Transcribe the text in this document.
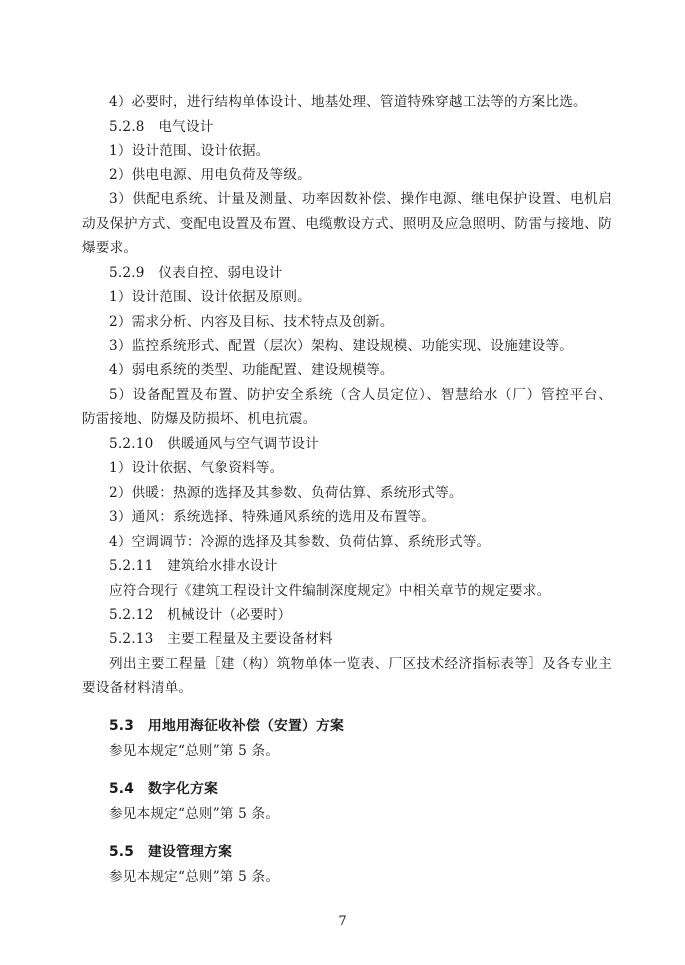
4）必要时，进行结构单体设计、地基处理、管道特殊穿越工法等的方案比选。
5.2.8　电气设计
1）设计范围、设计依据。
2）供电电源、用电负荷及等级。
3）供配电系统、计量及测量、功率因数补偿、操作电源、继电保护设置、电机启
动及保护方式、变配电设置及布置、电缆敷设方式、照明及应急照明、防雷与接地、防
爆要求。
5.2.9　仪表自控、弱电设计
1）设计范围、设计依据及原则。
2）需求分析、内容及目标、技术特点及创新。
3）监控系统形式、配置（层次）架构、建设规模、功能实现、设施建设等。
4）弱电系统的类型、功能配置、建设规模等。
5）设备配置及布置、防护安全系统（含人员定位）、智慧给水（厂）管控平台、
防雷接地、防爆及防损坏、机电抗震。
5.2.10　供暖通风与空气调节设计
1）设计依据、气象资料等。
2）供暖：热源的选择及其参数、负荷估算、系统形式等。
3）通风：系统选择、特殊通风系统的选用及布置等。
4）空调调节：冷源的选择及其参数、负荷估算、系统形式等。
5.2.11　建筑给水排水设计
应符合现行《建筑工程设计文件编制深度规定》中相关章节的规定要求。
5.2.12　机械设计（必要时）
5.2.13　主要工程量及主要设备材料
列出主要工程量［建（构）筑物单体一览表、厂区技术经济指标表等］及各专业主
要设备材料清单。
5.3　用地用海征收补偿（安置）方案
参见本规定“总则”第 5 条。
5.4　数字化方案
参见本规定“总则”第 5 条。
5.5　建设管理方案
参见本规定“总则”第 5 条。
7
